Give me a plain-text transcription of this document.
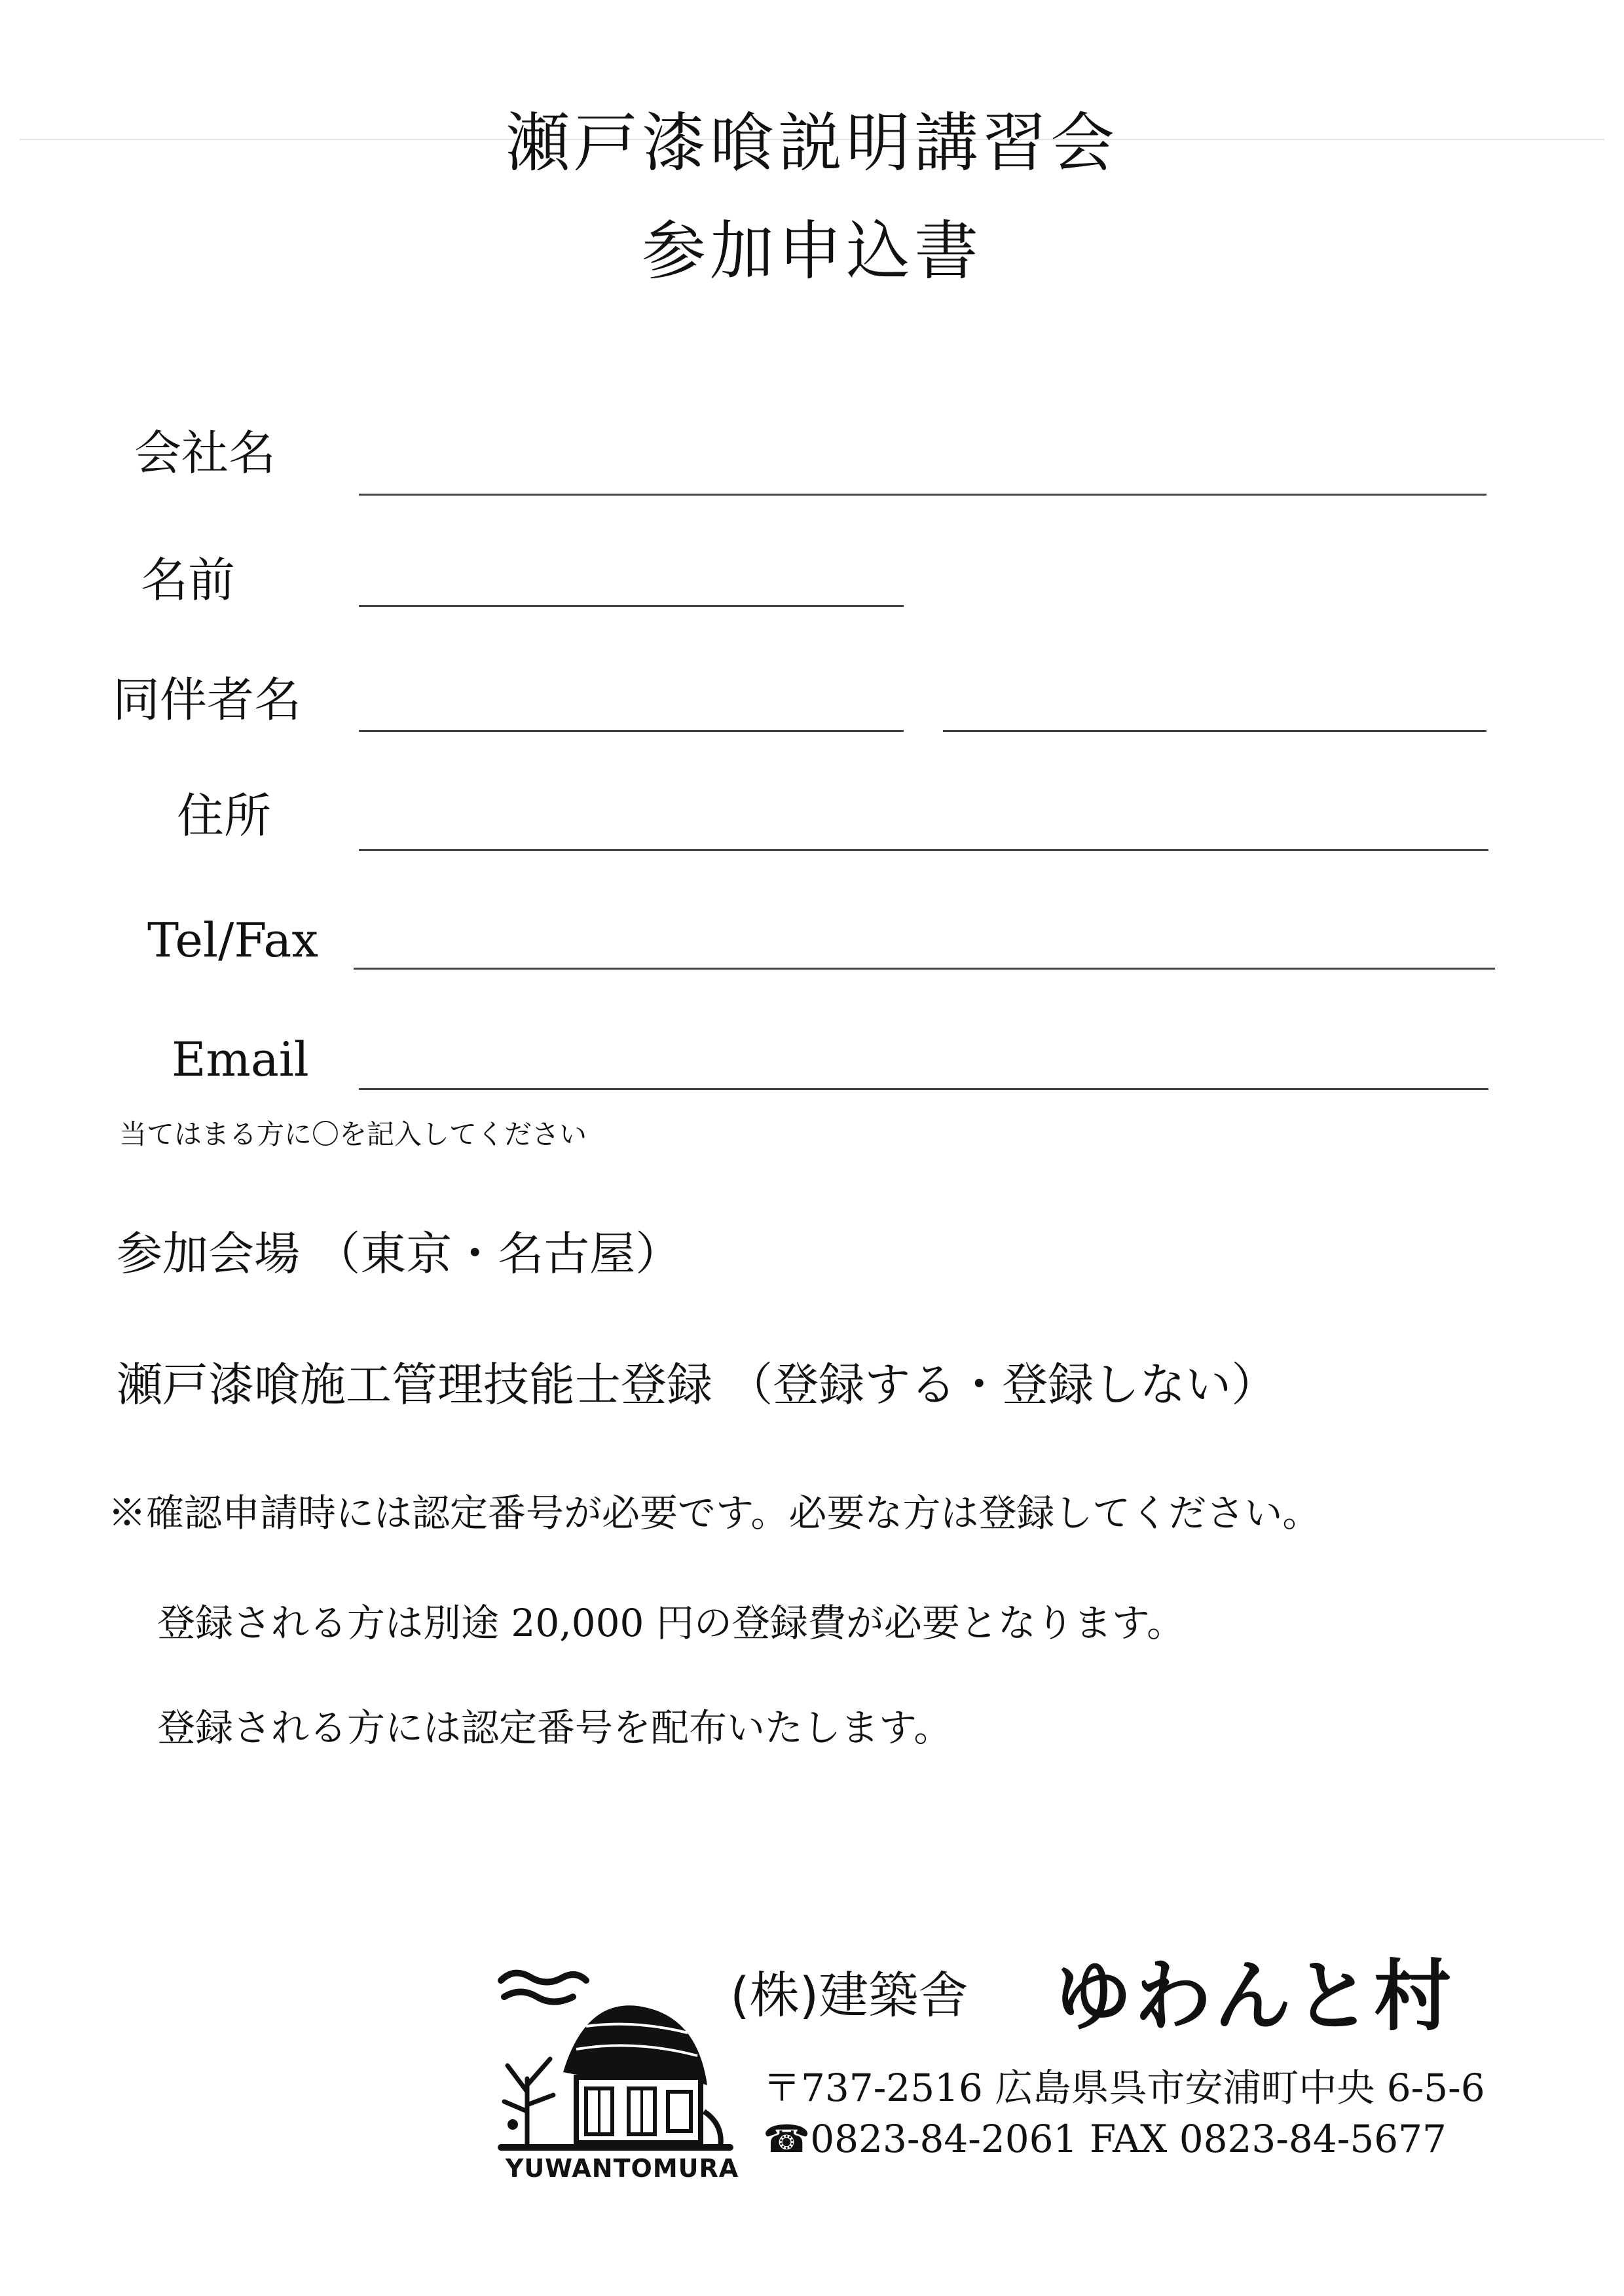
瀬戸漆喰説明講習会
参加申込書
会社名
名前
同伴者名
住所
Tel/Fax
Email
当てはまる方に〇を記入してください
参加会場 （東京・名古屋）
瀬戸漆喰施工管理技能士登録 （登録する・登録しない）
※確認申請時には認定番号が必要です。必要な方は登録してください。
登録される方は別途 20,000 円の登録費が必要となります。
登録される方には認定番号を配布いたします。
YUWANTOMURA
(株)建築舎 ゆわんと村
〒737-2516 広島県呉市安浦町中央 6-5-6
☎0823-84-2061 FAX 0823-84-5677
